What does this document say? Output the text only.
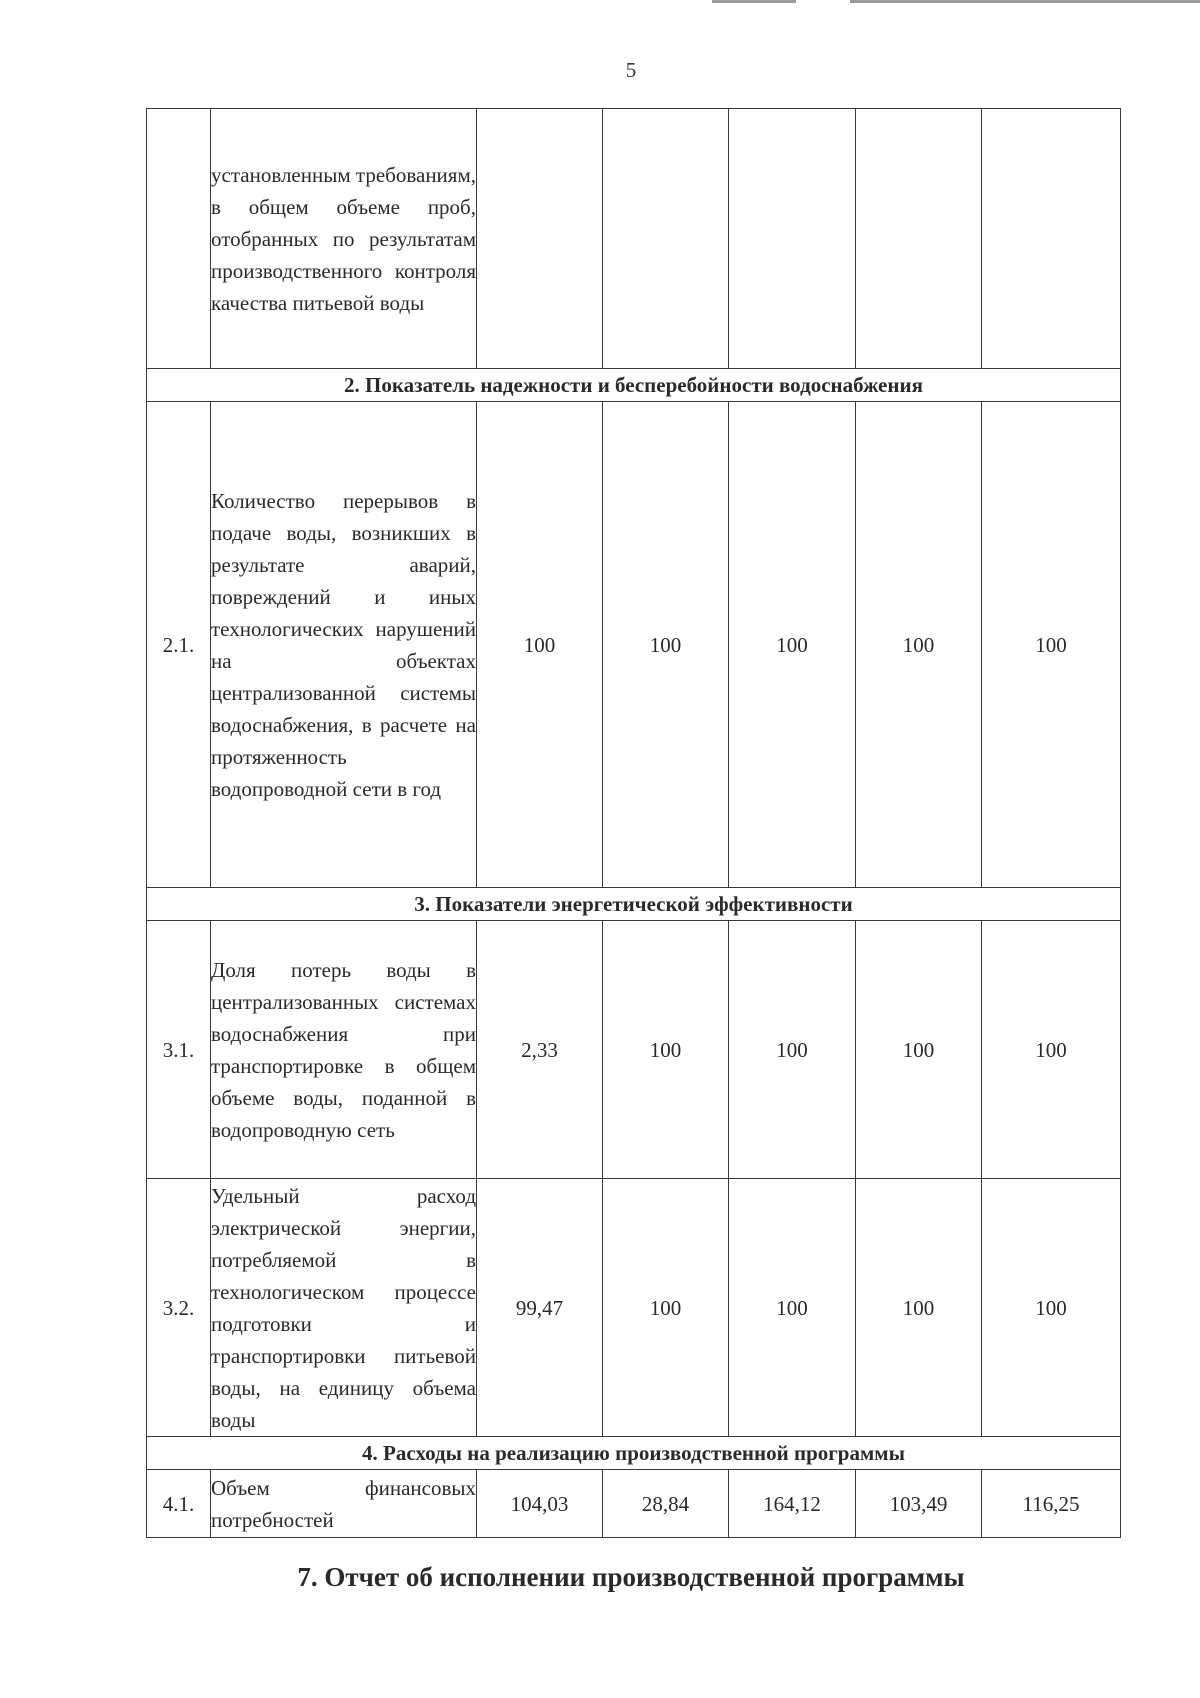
5
	установленным требованиям, в общем объеме проб, отобранных по результатам производственного контроля качества питьевой воды					
2. Показатель надежности и бесперебойности водоснабжения						
2.1.	Количество перерывов в подаче воды, возникших в результате аварий, повреждений и иных технологических нарушений на объектах централизованной системы водоснабжения, в расчете на протяженность водопроводной сети в год	100	100	100	100	100
3. Показатели энергетической эффективности						
3.1.	Доля потерь воды в централизованных системах водоснабжения при транспортировке в общем объеме воды, поданной в водопроводную сеть	2,33	100	100	100	100
3.2.	Удельный расход электрической энергии, потребляемой в технологическом процессе подготовки и транспортировки питьевой воды, на единицу объема воды	99,47	100	100	100	100
4. Расходы на реализацию производственной программы						
4.1.	Объем финансовых потребностей	104,03	28,84	164,12	103,49	116,25
7. Отчет об исполнении производственной программы
